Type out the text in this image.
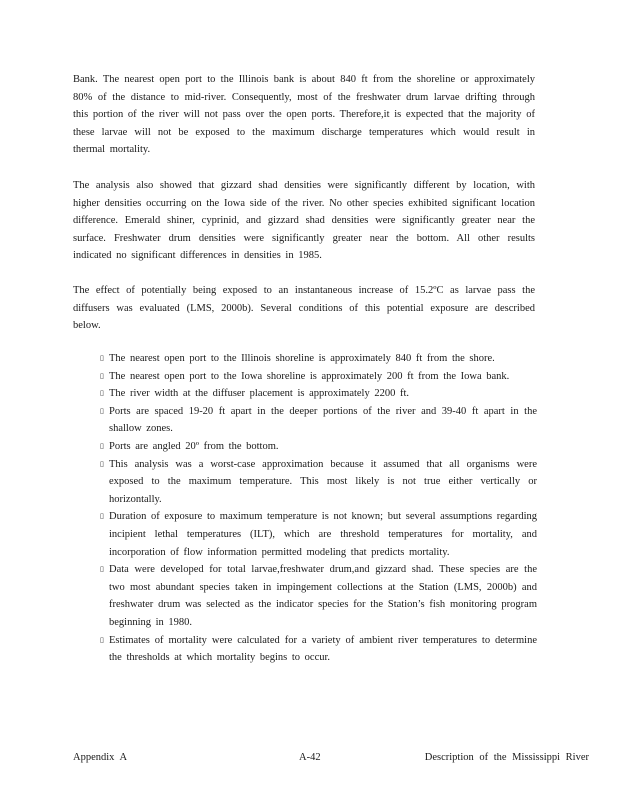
Bank. The nearest open port to the Illinois bank is about 840 ft from the shoreline or approximately 80% of the distance to mid-river. Consequently, most of the freshwater drum larvae drifting through this portion of the river will not pass over the open ports. Therefore,it is expected that the majority of these larvae will not be exposed to the maximum discharge temperatures which would result in thermal mortality.

The analysis also showed that gizzard shad densities were significantly different by location, with higher densities occurring on the Iowa side of the river. No other species exhibited significant location difference. Emerald shiner, cyprinid, and gizzard shad densities were significantly greater near the surface. Freshwater drum densities were significantly greater near the bottom. All other results indicated no significant differences in densities in 1985.

The effect of potentially being exposed to an instantaneous increase of 15.2ºC as larvae pass the diffusers was evaluated (LMS, 2000b). Several conditions of this potential exposure are described below.

▯ The nearest open port to the Illinois shoreline is approximately 840 ft from the shore.
▯ The nearest open port to the Iowa shoreline is approximately 200 ft from the Iowa bank.
▯ The river width at the diffuser placement is approximately 2200 ft.
▯ Ports are spaced 19-20 ft apart in the deeper portions of the river and 39-40 ft apart in the shallow zones.
▯ Ports are angled 20º from the bottom.
▯ This analysis was a worst-case approximation because it assumed that all organisms were exposed to the maximum temperature. This most likely is not true either vertically or horizontally.
▯ Duration of exposure to maximum temperature is not known; but several assumptions regarding incipient lethal temperatures (ILT), which are threshold temperatures for mortality, and incorporation of flow information permitted modeling that predicts mortality.
▯ Data were developed for total larvae,freshwater drum,and gizzard shad. These species are the two most abundant species taken in impingement collections at the Station (LMS, 2000b) and freshwater drum was selected as the indicator species for the Station’s fish monitoring program beginning in 1980.
▯ Estimates of mortality were calculated for a variety of ambient river temperatures to determine the thresholds at which mortality begins to occur.
Appendix A	A-42	Description of the Mississippi River
